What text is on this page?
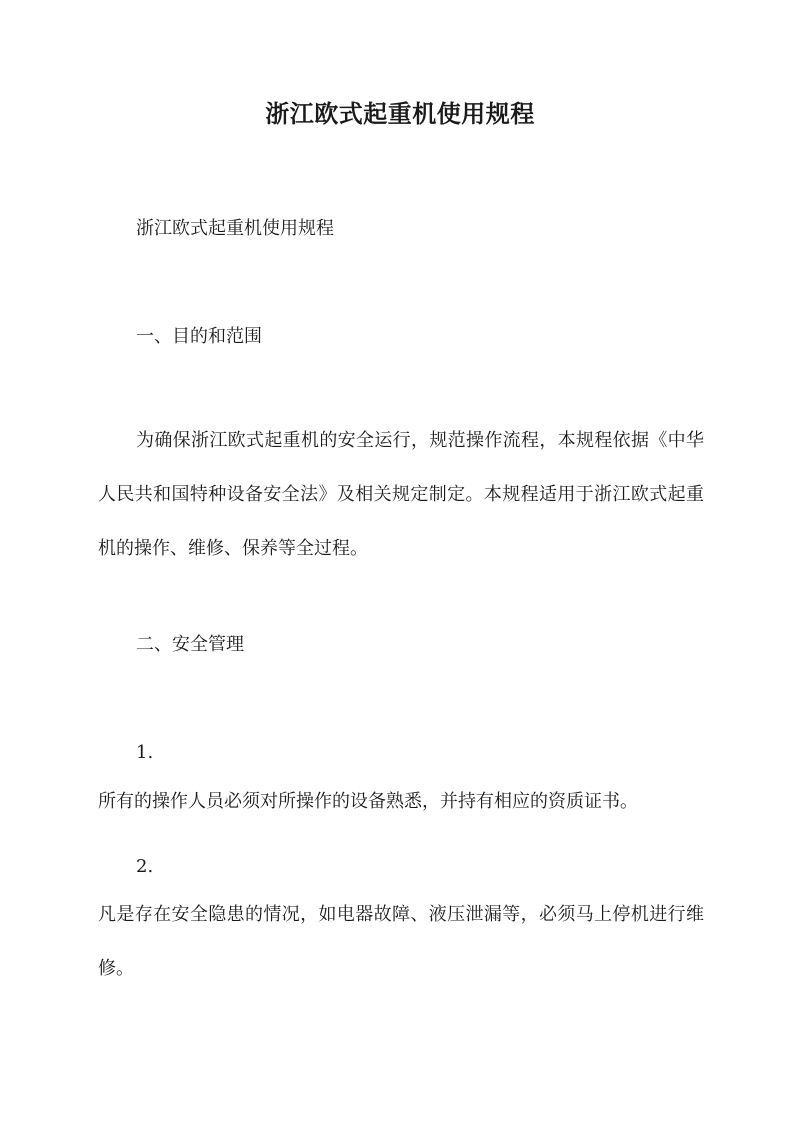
浙江欧式起重机使用规程
浙江欧式起重机使用规程
一、目的和范围
为确保浙江欧式起重机的安全运行，规范操作流程，本规程依据《中华人民共和国特种设备安全法》及相关规定制定。本规程适用于浙江欧式起重机的操作、维修、保养等全过程。
二、安全管理
1.
所有的操作人员必须对所操作的设备熟悉，并持有相应的资质证书。
2.
凡是存在安全隐患的情况，如电器故障、液压泄漏等，必须马上停机进行维修。
